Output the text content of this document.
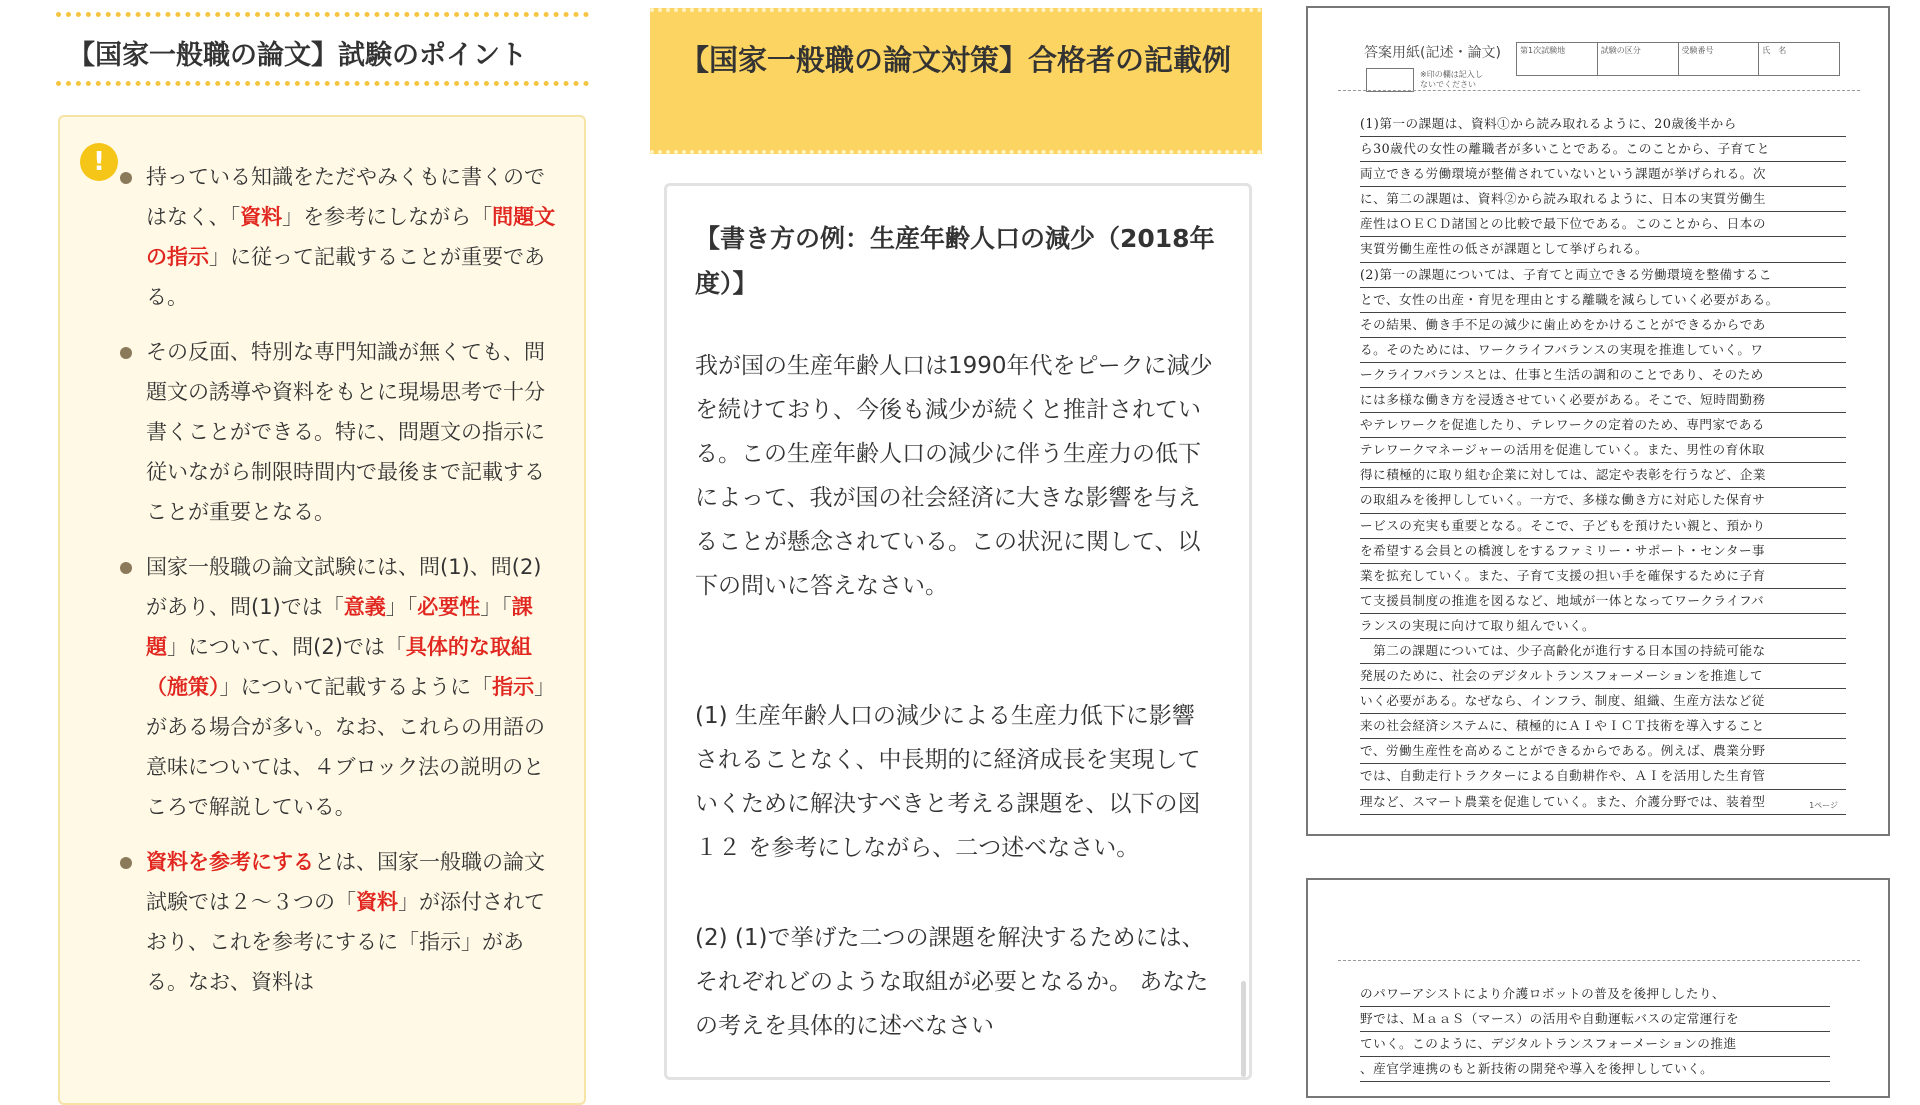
【国家一般職の論文】試験のポイント
!	持っている知識をただやみくもに書くのではなく、「資料」を参考にしながら「問題文の指示」に従って記載することが重要である。
その反面、特別な専門知識が無くても、問題文の誘導や資料をもとに現場思考で十分書くことができる。特に、問題文の指示に従いながら制限時間内で最後まで記載することが重要となる。
国家一般職の論文試験には、問(1)、問(2)があり、問(1)では「意義」「必要性」「課題」について、問(2)では「具体的な取組（施策）」について記載するように「指示」がある場合が多い。なお、これらの用語の意味については、４ブロック法の説明のところで解説している。
資料を参考にするとは、国家一般職の論文試験では２～３つの「資料」が添付されており、これを参考にするに「指示」がある。なお、資料は
【国家一般職の論文対策】合格者の記載例
【書き方の例：生産年齢人口の減少（2018年度）】

我が国の生産年齢人口は1990年代をピークに減少を続けており、今後も減少が続くと推計されている。この生産年齢人口の減少に伴う生産力の低下によって、我が国の社会経済に大きな影響を与えることが懸念されている。この状況に関して、以下の問いに答えなさい。

(1) 生産年齢人口の減少による生産力低下に影響されることなく、中長期的に経済成長を実現していくために解決すべきと考える課題を、以下の図１２ を参考にしながら、二つ述べなさい。

(2) (1)で挙げた二つの課題を解決するためには、それぞれどのような取組が必要となるか。 あなたの考えを具体的に述べなさい

答案用紙(記述・論文)	第1次試験地	試験の区分	受験番号	氏　名
※印の欄は記入しないでください
(1)第一の課題は、資料①から読み取れるように、20歳後半から
ら30歳代の女性の離職者が多いことである。このことから、子育てと
両立できる労働環境が整備されていないという課題が挙げられる。次
に、第二の課題は、資料②から読み取れるように、日本の実質労働生
産性はＯＥＣＤ諸国との比較で最下位である。このことから、日本の
実質労働生産性の低さが課題として挙げられる。
(2)第一の課題については、子育てと両立できる労働環境を整備するこ
とで、女性の出産・育児を理由とする離職を減らしていく必要がある。
その結果、働き手不足の減少に歯止めをかけることができるからであ
る。そのためには、ワークライフバランスの実現を推進していく。ワ
ークライフバランスとは、仕事と生活の調和のことであり、そのため
には多様な働き方を浸透させていく必要がある。そこで、短時間勤務
やテレワークを促進したり、テレワークの定着のため、専門家である
テレワークマネージャーの活用を促進していく。また、男性の育休取
得に積極的に取り組む企業に対しては、認定や表彰を行うなど、企業
の取組みを後押ししていく。一方で、多様な働き方に対応した保育サ
ービスの充実も重要となる。そこで、子どもを預けたい親と、預かり
を希望する会員との橋渡しをするファミリー・サポート・センター事
業を拡充していく。また、子育て支援の担い手を確保するために子育
て支援員制度の推進を図るなど、地域が一体となってワークライフバ
ランスの実現に向けて取り組んでいく。
　第二の課題については、少子高齢化が進行する日本国の持続可能な
発展のために、社会のデジタルトランスフォーメーションを推進して
いく必要がある。なぜなら、インフラ、制度、組織、生産方法など従
来の社会経済システムに、積極的にＡＩやＩＣＴ技術を導入すること
で、労働生産性を高めることができるからである。例えば、農業分野
では、自動走行トラクターによる自動耕作や、ＡＩを活用した生育管
理など、スマート農業を促進していく。また、介護分野では、装着型	1ページ
のパワーアシストにより介護ロボットの普及を後押ししたり、
野では、ＭａａＳ（マース）の活用や自動運転バスの定常運行を
ていく。このように、デジタルトランスフォーメーションの推進
、産官学連携のもと新技術の開発や導入を後押ししていく。
